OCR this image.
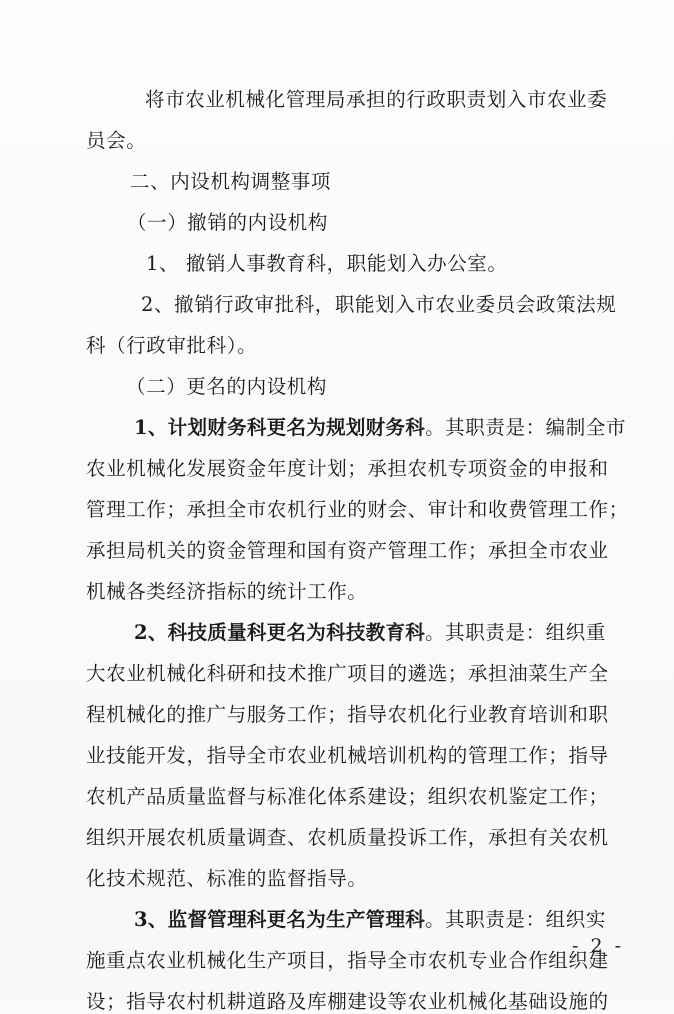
将市农业机械化管理局承担的行政职责划入市农业委
员会。
二、内设机构调整事项
（一）撤销的内设机构
1、 撤销人事教育科，职能划入办公室。
2、撤销行政审批科，职能划入市农业委员会政策法规
科（行政审批科）。
（二）更名的内设机构
1、计划财务科更名为规划财务科。其职责是：编制全市
农业机械化发展资金年度计划；承担农机专项资金的申报和
管理工作；承担全市农机行业的财会、审计和收费管理工作；
承担局机关的资金管理和国有资产管理工作；承担全市农业
机械各类经济指标的统计工作。
2、科技质量科更名为科技教育科。其职责是：组织重
大农业机械化科研和技术推广项目的遴选；承担油菜生产全
程机械化的推广与服务工作；指导农机化行业教育培训和职
业技能开发，指导全市农业机械培训机构的管理工作；指导
农机产品质量监督与标准化体系建设；组织农机鉴定工作；
组织开展农机质量调查、农机质量投诉工作，承担有关农机
化技术规范、标准的监督指导。
3、监督管理科更名为生产管理科。其职责是：组织实
施重点农业机械化生产项目，指导全市农机专业合作组织建
设；指导农村机耕道路及库棚建设等农业机械化基础设施的
- 2 -
